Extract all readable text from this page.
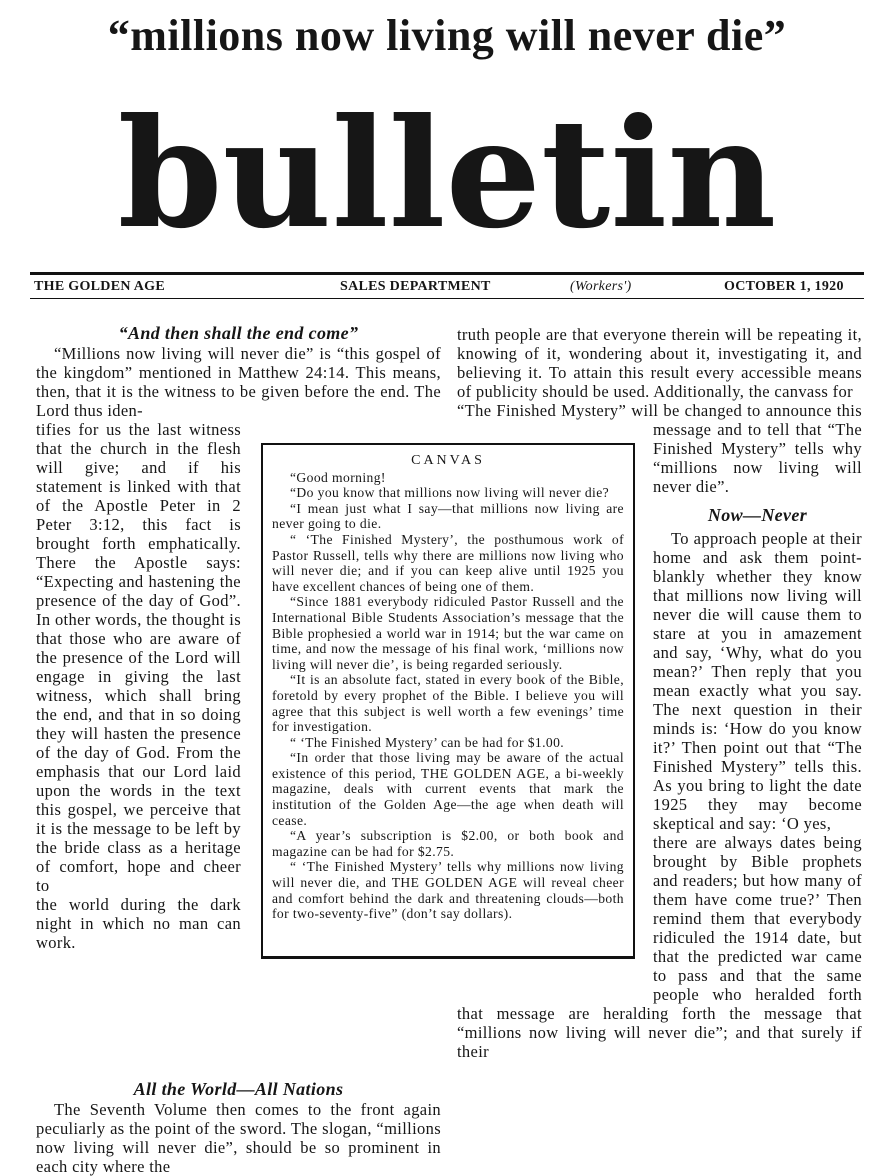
“millions now living will never die”
bulletin
THE GOLDEN AGE	SALES DEPARTMENT	(Workers')	OCTOBER 1, 1920
“And then shall the end come”

“Millions now living will never die” is “this gospel of the kingdom” mentioned in Matthew 24:14. This means, then, that it is the witness to be given before the end. The Lord thus iden-

tifies for us the last witness that the church in the flesh will give; and if his statement is linked with that of the Apostle Peter in 2 Peter 3:12, this fact is brought forth emphatically. There the Apostle says: “Expecting and hastening the presence of the day of God”. In other words, the thought is that those who are aware of the presence of the Lord will engage in giving the last witness, which shall bring the end, and that in so doing they will hasten the presence of the day of God. From the emphasis that our Lord laid upon the words in the text this gospel, we perceive that it is the message to be left by the bride class as a heritage of comfort, hope and cheer to

the world during the dark night in which no man can work.

All the World—All Nations

The Seventh Volume then comes to the front again peculiarly as the point of the sword. The slogan, “millions now living will never die”, should be so prominent in each city where the

CANVAS

“Good morning!

“Do you know that millions now living will never die?

“I mean just what I say—that millions now living are never going to die.

“ ‘The Finished Mystery’, the posthumous work of Pastor Russell, tells why there are millions now living who will never die; and if you can keep alive until 1925 you have excellent chances of being one of them.

“Since 1881 everybody ridiculed Pastor Russell and the International Bible Students Association’s message that the Bible prophesied a world war in 1914; but the war came on time, and now the message of his final work, ‘millions now living will never die’, is being regarded seriously.

“It is an absolute fact, stated in every book of the Bible, foretold by every prophet of the Bible. I believe you will agree that this subject is well worth a few evenings’ time for investigation.

“ ‘The Finished Mystery’ can be had for $1.00.

“In order that those living may be aware of the actual existence of this period, THE GOLDEN AGE, a bi-weekly magazine, deals with current events that mark the institution of the Golden Age—the age when death will cease.

“A year’s subscription is $2.00, or both book and magazine can be had for $2.75.

“ ‘The Finished Mystery’ tells why millions now living will never die, and THE GOLDEN AGE will reveal cheer and comfort behind the dark and threatening clouds—both for two-seventy-five” (don’t say dollars).

truth people are that everyone therein will be repeating it, knowing of it, wondering about it, investigating it, and believing it. To attain this result every accessible means of publicity should be used. Additionally, the canvass for

“The Finished Mystery” will be changed to announce this message and to tell that “The Finished Mystery” tells why “millions now living will never die”.

Now—Never

To approach people at their home and ask them point-blankly whether they know that millions now living will never die will cause them to stare at you in amazement and say, ‘Why, what do you mean?’ Then reply that you mean exactly what you say. The next question in their minds is: ‘How do you know it?’ Then point out that “The Finished Mystery” tells this. As you bring to light the date 1925 they may become skeptical and say: ‘O yes,

there are always dates being brought by Bible prophets and readers; but how many of them have come true?’ Then remind them that everybody ridiculed the 1914 date, but that the predicted war came to pass and that the same people who heralded forth that message are heralding forth the message that “millions now living will never die”; and that surely if their
